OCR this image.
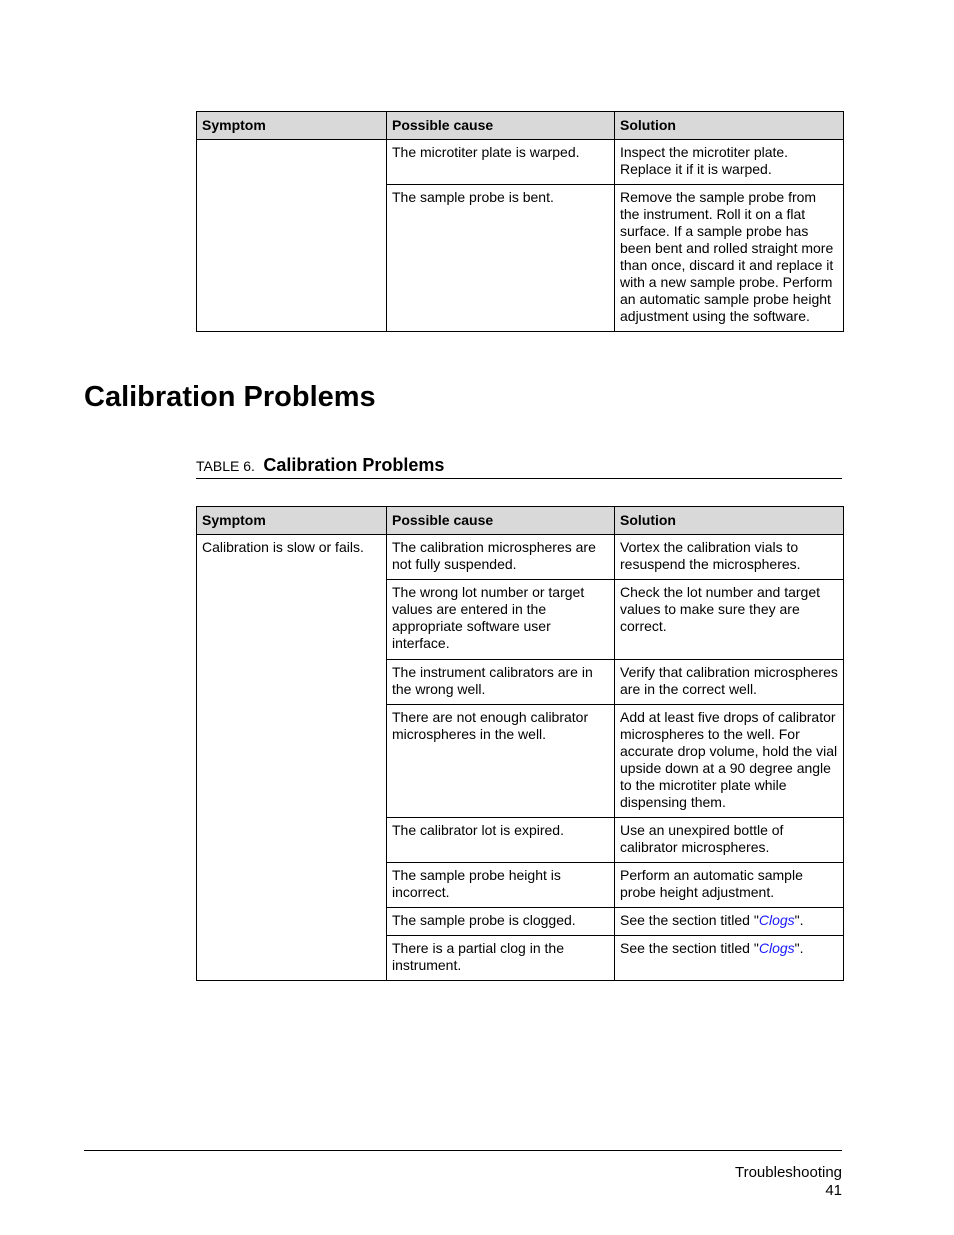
Symptom	Possible cause	Solution
	The microtiter plate is warped.	Inspect the microtiter plate. Replace it if it is warped.
	The sample probe is bent.	Remove the sample probe from the instrument. Roll it on a flat surface. If a sample probe has been bent and rolled straight more than once, discard it and replace it with a new sample probe. Perform an automatic sample probe height adjustment using the software.
Calibration Problems
TABLE 6. Calibration Problems
Symptom	Possible cause	Solution
Calibration is slow or fails.	The calibration microspheres are not fully suspended.	Vortex the calibration vials to resuspend the microspheres.
	The wrong lot number or target values are entered in the appropriate software user interface.	Check the lot number and target values to make sure they are correct.
	The instrument calibrators are in the wrong well.	Verify that calibration microspheres are in the correct well.
	There are not enough calibrator microspheres in the well.	Add at least five drops of calibrator microspheres to the well. For accurate drop volume, hold the vial upside down at a 90 degree angle to the microtiter plate while dispensing them.
	The calibrator lot is expired.	Use an unexpired bottle of calibrator microspheres.
	The sample probe height is incorrect.	Perform an automatic sample probe height adjustment.
	The sample probe is clogged.	See the section titled "Clogs".
	There is a partial clog in the instrument.	See the section titled "Clogs".
Troubleshooting
41
